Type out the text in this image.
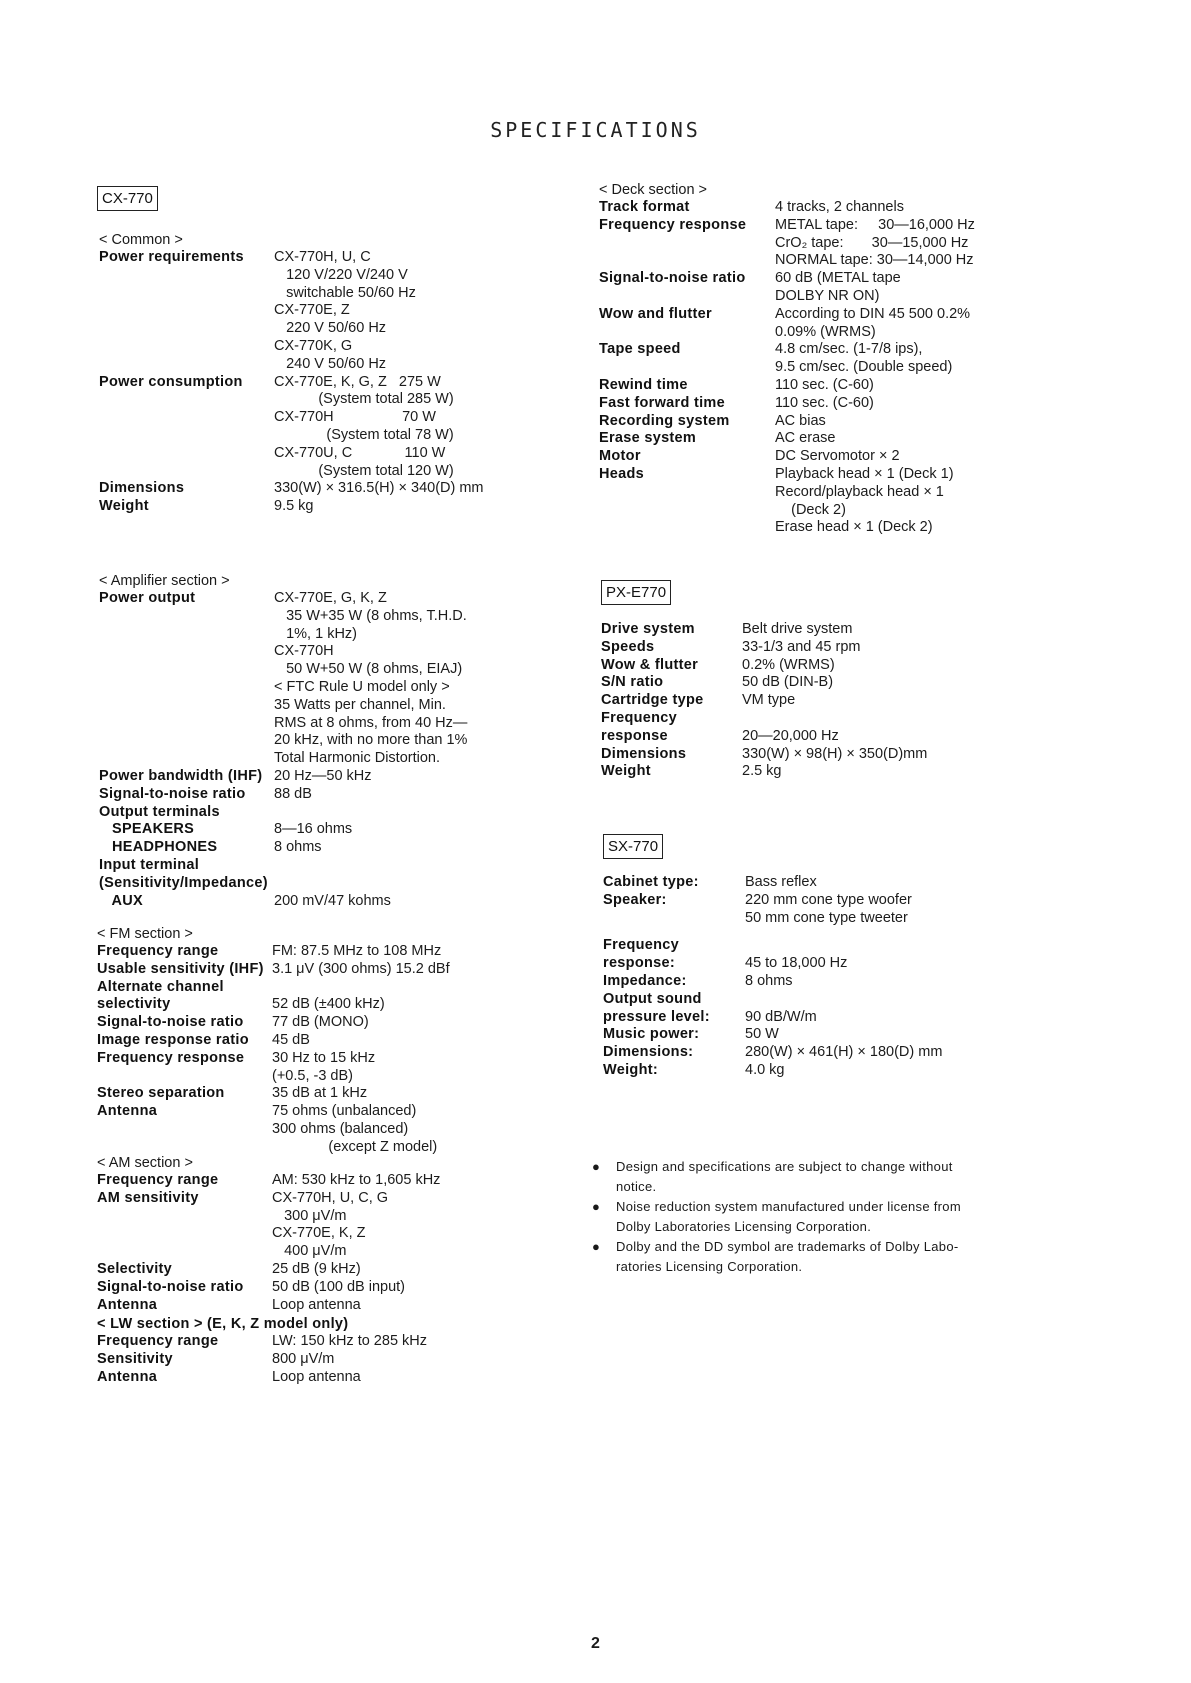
SPECIFICATIONS
CX-770
< Common >
Power requirements	CX-770H, U, C
120 V/220 V/240 V
switchable 50/60 Hz
CX-770E, Z
220 V 50/60 Hz
CX-770K, G
240 V 50/60 Hz
Power consumption	CX-770E, K, G, Z   275 W
(System total 285 W)
CX-770H                 70 W
(System total 78 W)
CX-770U, C             110 W
(System total 120 W)
Dimensions	330(W) × 316.5(H) × 340(D) mm
Weight	9.5 kg
< Amplifier section >
Power output	CX-770E, G, K, Z
35 W+35 W (8 ohms, T.H.D.
1%, 1 kHz)
CX-770H
50 W+50 W (8 ohms, EIAJ)
< FTC Rule U model only >
35 Watts per channel, Min.
RMS at 8 ohms, from 40 Hz—
20 kHz, with no more than 1%
Total Harmonic Distortion.
Power bandwidth (IHF) 20 Hz—50 kHz
Signal-to-noise ratio	88 dB
Output terminals
SPEAKERS	8—16 ohms
HEADPHONES	8 ohms
Input terminal
(Sensitivity/Impedance)
AUX	200 mV/47 kohms
< FM section >
Frequency range	FM: 87.5 MHz to 108 MHz
Usable sensitivity (IHF) 3.1 μV (300 ohms) 15.2 dBf
Alternate channel
selectivity	52 dB (±400 kHz)
Signal-to-noise ratio	77 dB (MONO)
Image response ratio	45 dB
Frequency response	30 Hz to 15 kHz
(+0.5, -3 dB)
Stereo separation	35 dB at 1 kHz
Antenna	75 ohms (unbalanced)
300 ohms (balanced)
(except Z model)
< AM section >
Frequency range	AM: 530 kHz to 1,605 kHz
AM sensitivity	CX-770H, U, C, G
300 μV/m
CX-770E, K, Z
400 μV/m
Selectivity	25 dB (9 kHz)
Signal-to-noise ratio	50 dB (100 dB input)
Antenna	Loop antenna
< LW section > (E, K, Z model only)
Frequency range	LW: 150 kHz to 285 kHz
Sensitivity	800 μV/m
Antenna	Loop antenna
< Deck section >
Track format	4 tracks, 2 channels
Frequency response	METAL tape:     30—16,000 Hz
CrO₂ tape:       30—15,000 Hz
NORMAL tape: 30—14,000 Hz
Signal-to-noise ratio	60 dB (METAL tape
DOLBY NR ON)
Wow and flutter	According to DIN 45 500 0.2%
0.09% (WRMS)
Tape speed	4.8 cm/sec. (1-7/8 ips),
9.5 cm/sec. (Double speed)
Rewind time	110 sec. (C-60)
Fast forward time	110 sec. (C-60)
Recording system	AC bias
Erase system	AC erase
Motor	DC Servomotor × 2
Heads	Playback head × 1 (Deck 1)
Record/playback head × 1
(Deck 2)
Erase head × 1 (Deck 2)
PX-E770
Drive system	Belt drive system
Speeds	33-1/3 and 45 rpm
Wow & flutter	0.2% (WRMS)
S/N ratio	50 dB (DIN-B)
Cartridge type	VM type
Frequency
response	20—20,000 Hz
Dimensions	330(W) × 98(H) × 350(D)mm
Weight	2.5 kg
SX-770
Cabinet type:	Bass reflex
Speaker:	220 mm cone type woofer
50 mm cone type tweeter
Frequency
response:	45 to 18,000 Hz
Impedance:	8 ohms
Output sound
pressure level:	90 dB/W/m
Music power:	50 W
Dimensions:	280(W) × 461(H) × 180(D) mm
Weight:	4.0 kg
●	Design and specifications are subject to change without
notice.
●	Noise reduction system manufactured under license from
Dolby Laboratories Licensing Corporation.
●	Dolby and the DD symbol are trademarks of Dolby Labo-
ratories Licensing Corporation.
2
